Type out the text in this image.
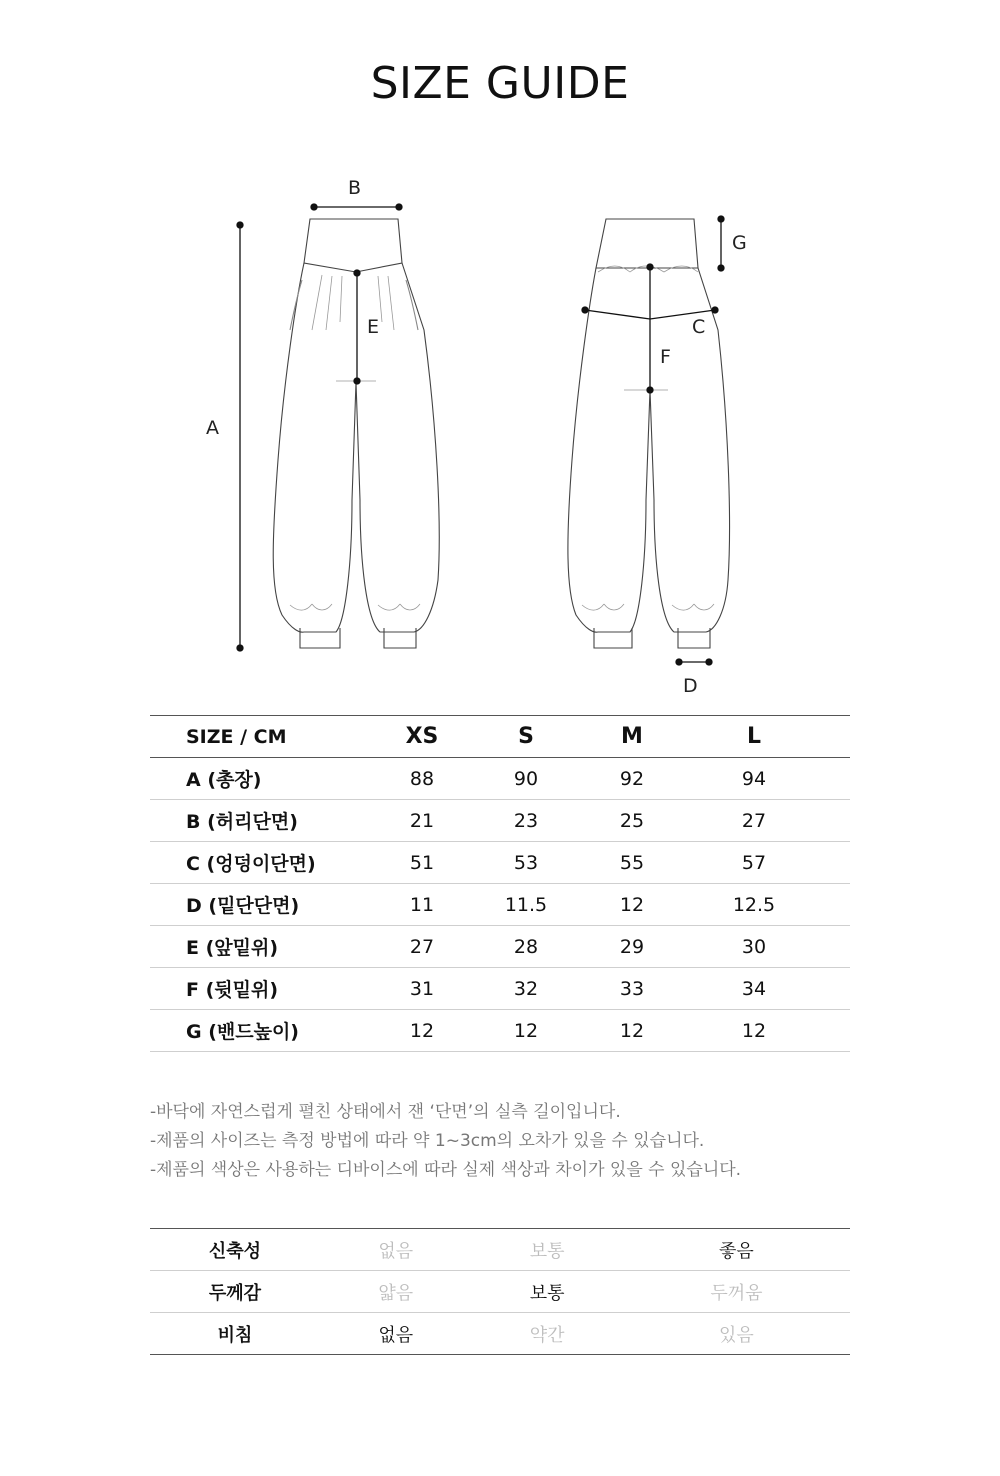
SIZE GUIDE
A
B
E
G
C
F
D
SIZE / CM	XS	S	M	L	
A (총장)	88	90	92	94	
B (허리단면)	21	23	25	27	
C (엉덩이단면)	51	53	55	57	
D (밑단단면)	11	11.5	12	12.5	
E (앞밑위)	27	28	29	30	
F (뒷밑위)	31	32	33	34	
G (밴드높이)	12	12	12	12	
-바닥에 자연스럽게 펼친 상태에서 잰 ‘단면’의 실측 길이입니다.
-제품의 사이즈는 측정 방법에 따라 약 1~3cm의 오차가 있을 수 있습니다.
-제품의 색상은 사용하는 디바이스에 따라 실제 색상과 차이가 있을 수 있습니다.
신축성	없음	보통	좋음
두께감	얇음	보통	두꺼움
비침	없음	약간	있음
